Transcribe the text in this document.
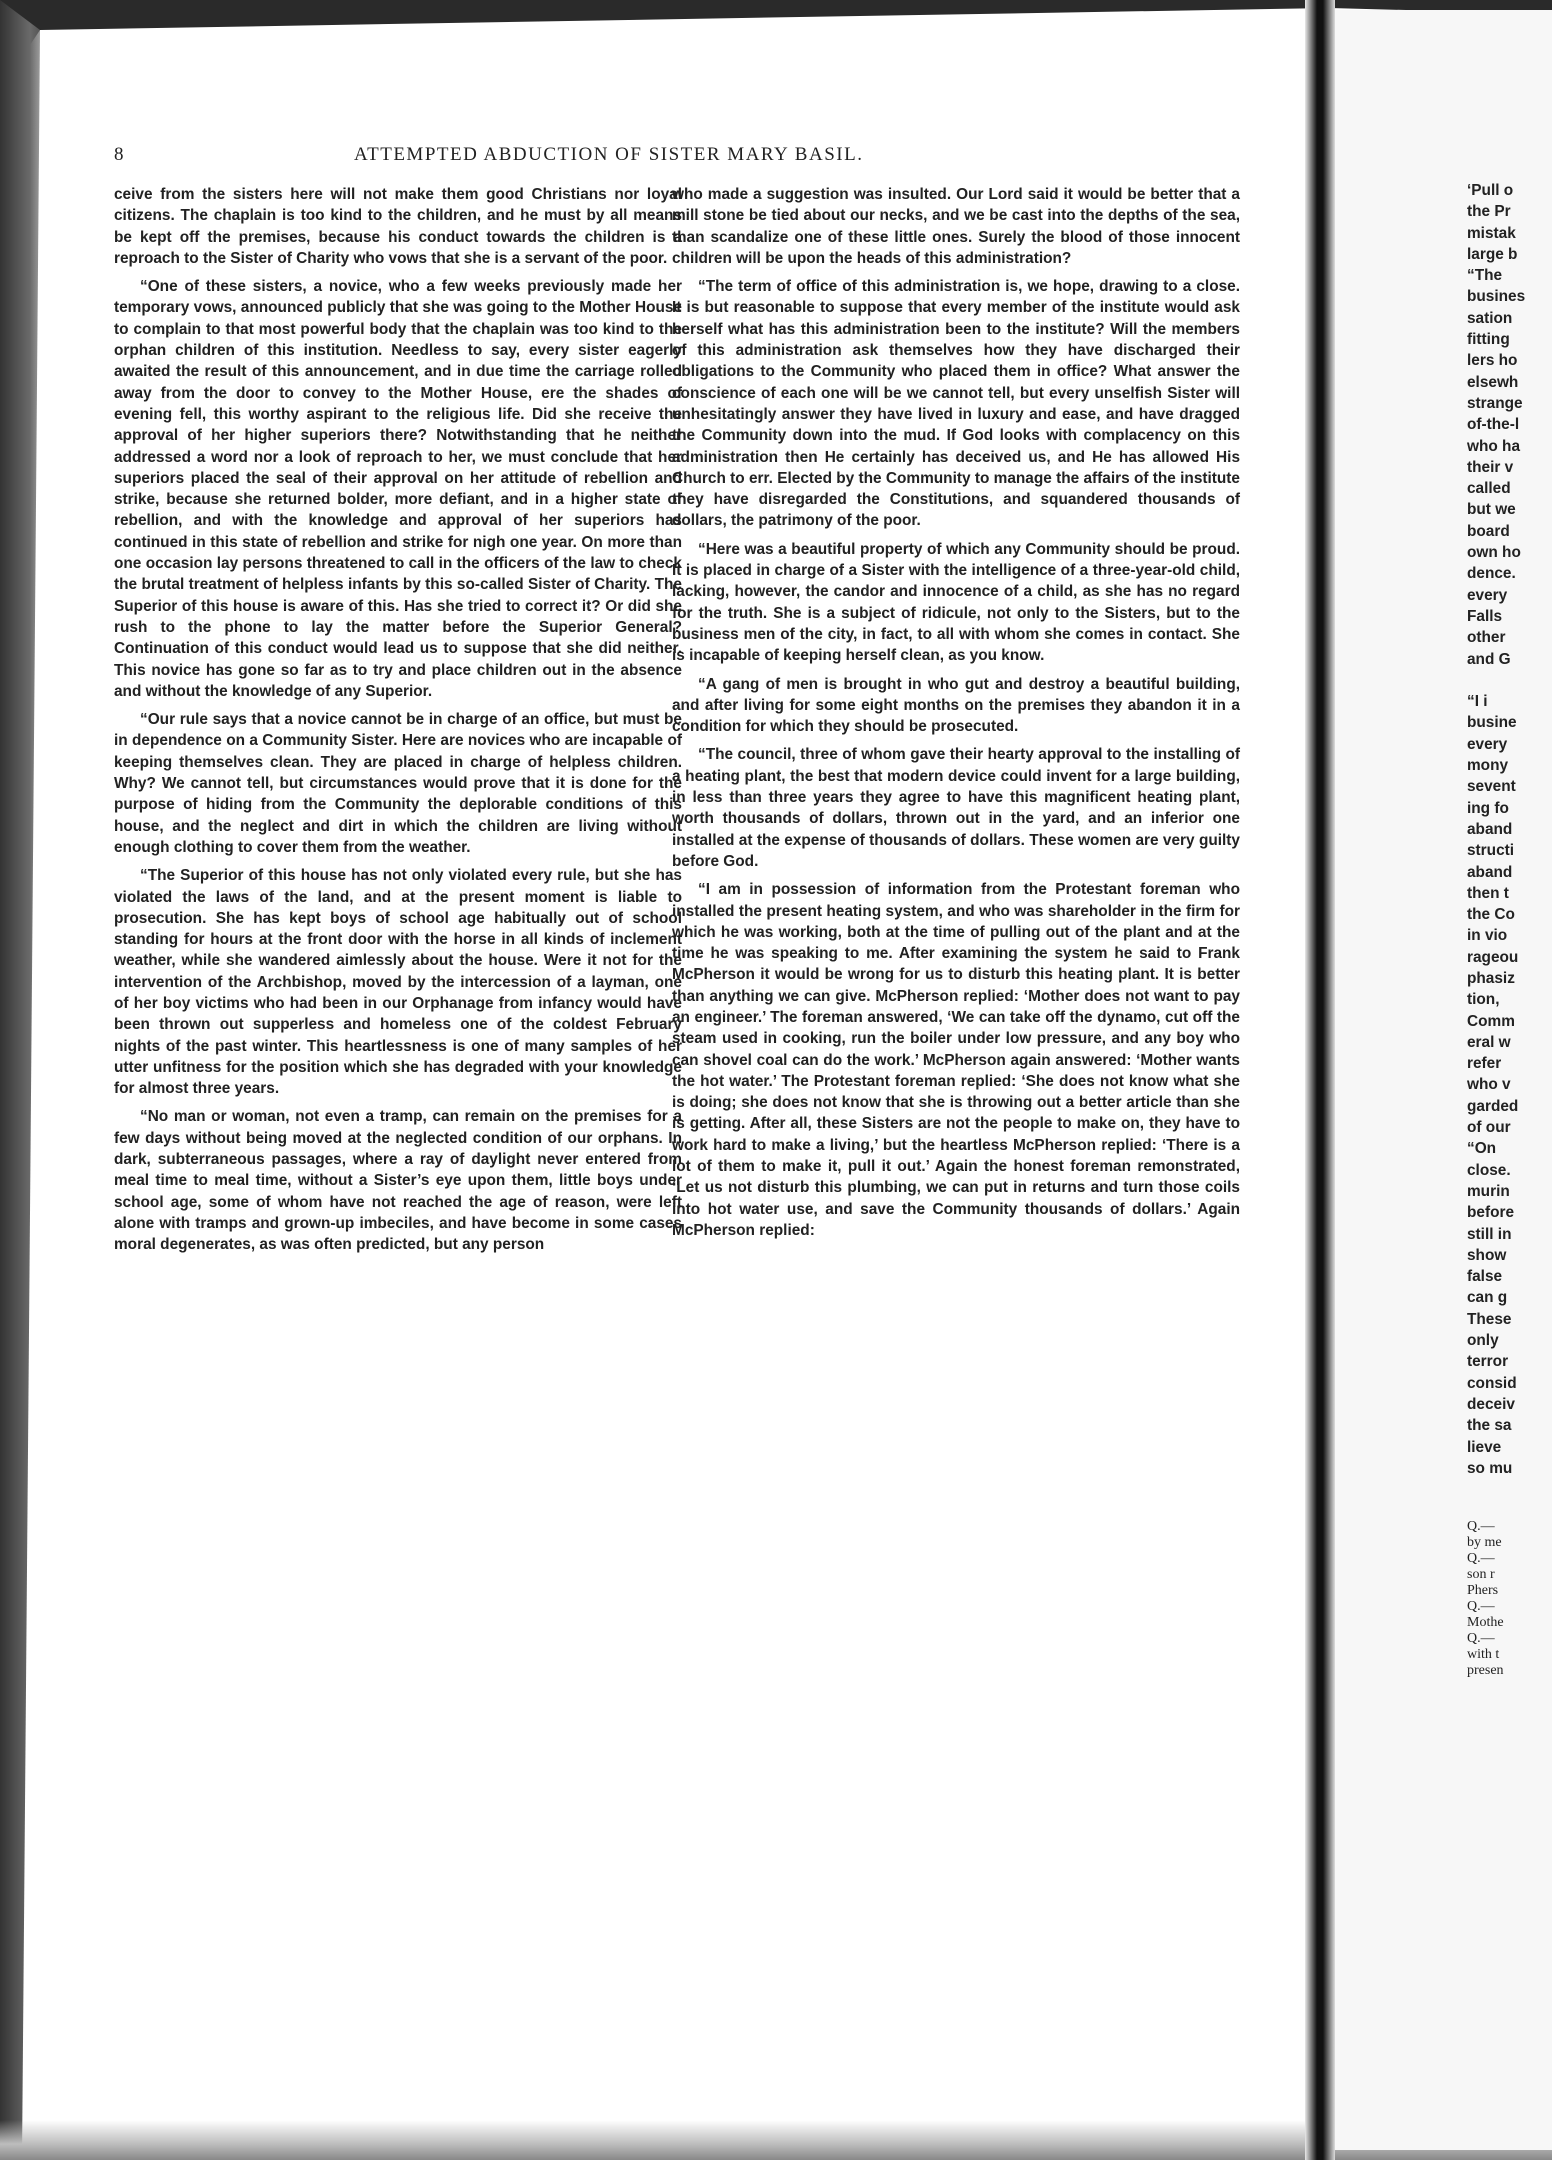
‘Pull o
the Pr
mistak
large b
“The
busines
sation
fitting
lers ho
elsewh
strange
of-the-l
who ha
their v
called
but we
board
own ho
dence.
every
Falls
other
and G
“I i
busine
every
mony
sevent
ing fo
aband
structi
aband
then t
the Co
in vio
rageou
phasiz
tion,
Comm
eral w
refer
who v
garded
of our
“On
close.
murin
before
still in
show
false
can g
These
only
terror
consid
deceiv
the sa
lieve
so mu
Q.—
by me
Q.—
son r
Phers
Q.—
Mothe
Q.—
with t
presen
8	ATTEMPTED ABDUCTION OF SISTER MARY BASIL.

ceive from the sisters here will not make them good Christians nor loyal citizens. The chaplain is too kind to the children, and he must by all means be kept off the premises, because his conduct towards the children is a reproach to the Sister of Charity who vows that she is a servant of the poor.

“One of these sisters, a novice, who a few weeks previously made her temporary vows, announced publicly that she was going to the Mother House to complain to that most powerful body that the chaplain was too kind to the orphan children of this institution. Needless to say, every sister eagerly awaited the result of this announcement, and in due time the carriage rolled away from the door to convey to the Mother House, ere the shades of evening fell, this worthy aspirant to the religious life. Did she receive the approval of her higher superiors there? Notwithstanding that he neither addressed a word nor a look of reproach to her, we must conclude that her superiors placed the seal of their approval on her attitude of rebellion and strike, because she returned bolder, more defiant, and in a higher state of rebellion, and with the knowledge and approval of her superiors has continued in this state of rebellion and strike for nigh one year. On more than one occasion lay persons threatened to call in the officers of the law to check the brutal treatment of helpless infants by this so-called Sister of Charity. The Superior of this house is aware of this. Has she tried to correct it? Or did she rush to the phone to lay the matter before the Superior General? Continuation of this conduct would lead us to suppose that she did neither. This novice has gone so far as to try and place children out in the absence and without the knowledge of any Superior.

“Our rule says that a novice cannot be in charge of an office, but must be in dependence on a Community Sister. Here are novices who are incapable of keeping themselves clean. They are placed in charge of helpless children. Why? We cannot tell, but circumstances would prove that it is done for the purpose of hiding from the Community the deplorable conditions of this house, and the neglect and dirt in which the children are living without enough clothing to cover them from the weather.

“The Superior of this house has not only violated every rule, but she has violated the laws of the land, and at the present moment is liable to prosecution. She has kept boys of school age habitually out of school standing for hours at the front door with the horse in all kinds of inclement weather, while she wandered aimlessly about the house. Were it not for the intervention of the Archbishop, moved by the intercession of a layman, one of her boy victims who had been in our Orphanage from infancy would have been thrown out supperless and homeless one of the coldest February nights of the past winter. This heartlessness is one of many samples of her utter unfitness for the position which she has degraded with your knowledge for almost three years.

“No man or woman, not even a tramp, can remain on the premises for a few days without being moved at the neglected condition of our orphans. In dark, subterraneous passages, where a ray of daylight never entered from meal time to meal time, without a Sister’s eye upon them, little boys under school age, some of whom have not reached the age of reason, were left alone with tramps and grown-up imbeciles, and have become in some cases moral degenerates, as was often predicted, but any person

who made a suggestion was insulted. Our Lord said it would be better that a mill stone be tied about our necks, and we be cast into the depths of the sea, than scandalize one of these little ones. Surely the blood of those innocent children will be upon the heads of this administration?

“The term of office of this administration is, we hope, drawing to a close. It is but reasonable to suppose that every member of the institute would ask herself what has this administration been to the institute? Will the members of this administration ask themselves how they have discharged their obligations to the Community who placed them in office? What answer the conscience of each one will be we cannot tell, but every unselfish Sister will unhesitatingly answer they have lived in luxury and ease, and have dragged the Community down into the mud. If God looks with complacency on this administration then He certainly has deceived us, and He has allowed His Church to err. Elected by the Community to manage the affairs of the institute they have disregarded the Constitutions, and squandered thousands of dollars, the patrimony of the poor.

“Here was a beautiful property of which any Community should be proud. It is placed in charge of a Sister with the intelligence of a three-year-old child, lacking, however, the candor and innocence of a child, as she has no regard for the truth. She is a subject of ridicule, not only to the Sisters, but to the business men of the city, in fact, to all with whom she comes in contact. She is incapable of keeping herself clean, as you know.

“A gang of men is brought in who gut and destroy a beautiful building, and after living for some eight months on the premises they abandon it in a condition for which they should be prosecuted.

“The council, three of whom gave their hearty approval to the installing of a heating plant, the best that modern device could invent for a large building, in less than three years they agree to have this magnificent heating plant, worth thousands of dollars, thrown out in the yard, and an inferior one installed at the expense of thousands of dollars. These women are very guilty before God.

“I am in possession of information from the Protestant foreman who installed the present heating system, and who was shareholder in the firm for which he was working, both at the time of pulling out of the plant and at the time he was speaking to me. After examining the system he said to Frank McPherson it would be wrong for us to disturb this heating plant. It is better than anything we can give. McPherson replied: ‘Mother does not want to pay an engineer.’ The foreman answered, ‘We can take off the dynamo, cut off the steam used in cooking, run the boiler under low pressure, and any boy who can shovel coal can do the work.’ McPherson again answered: ‘Mother wants the hot water.’ The Protestant foreman replied: ‘She does not know what she is doing; she does not know that she is throwing out a better article than she is getting. After all, these Sisters are not the people to make on, they have to work hard to make a living,’ but the heartless McPherson replied: ‘There is a lot of them to make it, pull it out.’ Again the honest foreman remonstrated, ‘Let us not disturb this plumbing, we can put in returns and turn those coils into hot water use, and save the Community thousands of dollars.’ Again McPherson replied:
